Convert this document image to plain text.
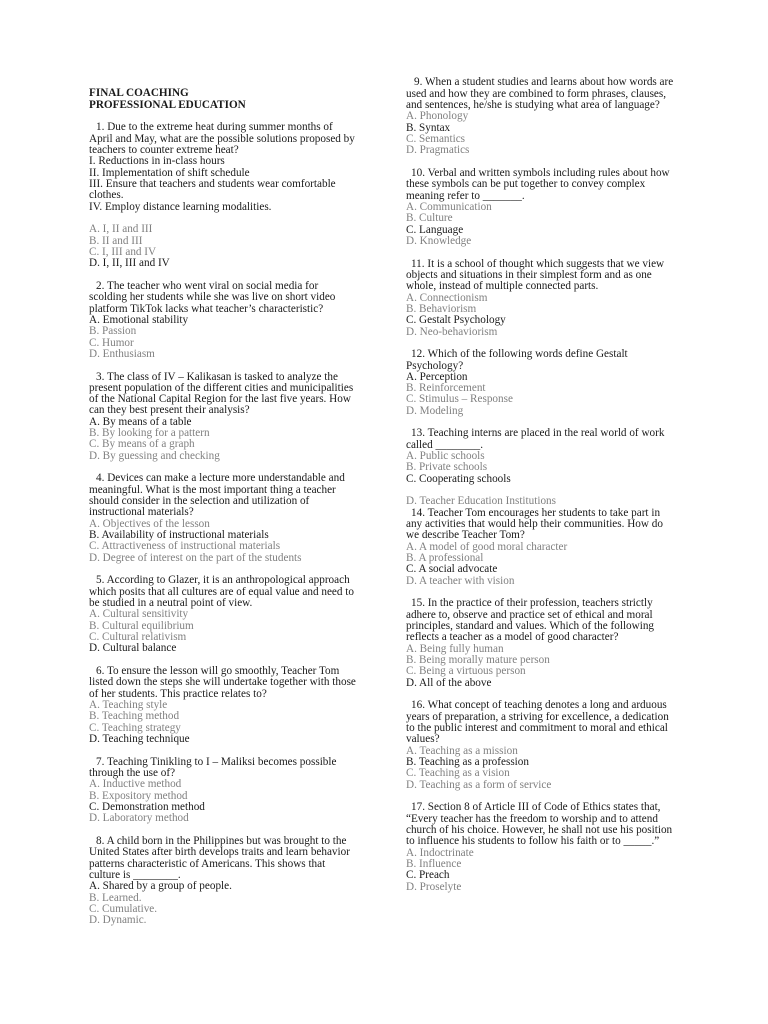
FINAL COACHING
PROFESSIONAL EDUCATION
1. Due to the extreme heat during summer months of
April and May, what are the possible solutions proposed by
teachers to counter extreme heat?
I. Reductions in in-class hours
II. Implementation of shift schedule
III. Ensure that teachers and students wear comfortable
clothes.
IV. Employ distance learning modalities.
A. I, II and III
B. II and III
C. I, III and IV
D. I, II, III and IV
2. The teacher who went viral on social media for
scolding her students while she was live on short video
platform TikTok lacks what teacher’s characteristic?
A. Emotional stability
B. Passion
C. Humor
D. Enthusiasm
3. The class of IV – Kalikasan is tasked to analyze the
present population of the different cities and municipalities
of the National Capital Region for the last five years. How
can they best present their analysis?
A. By means of a table
B. By looking for a pattern
C. By means of a graph
D. By guessing and checking
4. Devices can make a lecture more understandable and
meaningful. What is the most important thing a teacher
should consider in the selection and utilization of
instructional materials?
A. Objectives of the lesson
B. Availability of instructional materials
C. Attractiveness of instructional materials
D. Degree of interest on the part of the students
5. According to Glazer, it is an anthropological approach
which posits that all cultures are of equal value and need to
be studied in a neutral point of view.
A. Cultural sensitivity
B. Cultural equilibrium
C. Cultural relativism
D. Cultural balance
6. To ensure the lesson will go smoothly, Teacher Tom
listed down the steps she will undertake together with those
of her students. This practice relates to?
A. Teaching style
B. Teaching method
C. Teaching strategy
D. Teaching technique
7. Teaching Tinikling to I – Maliksi becomes possible
through the use of?
A. Inductive method
B. Expository method
C. Demonstration method
D. Laboratory method
8. A child born in the Philippines but was brought to the
United States after birth develops traits and learn behavior
patterns characteristic of Americans. This shows that
culture is ________.
A. Shared by a group of people.
B. Learned.
C. Cumulative.
D. Dynamic.
9. When a student studies and learns about how words are
used and how they are combined to form phrases, clauses,
and sentences, he/she is studying what area of language?
A. Phonology
B. Syntax
C. Semantics
D. Pragmatics
10. Verbal and written symbols including rules about how
these symbols can be put together to convey complex
meaning refer to _______.
A. Communication
B. Culture
C. Language
D. Knowledge
11. It is a school of thought which suggests that we view
objects and situations in their simplest form and as one
whole, instead of multiple connected parts.
A. Connectionism
B. Behaviorism
C. Gestalt Psychology
D. Neo-behaviorism
12. Which of the following words define Gestalt
Psychology?
A. Perception
B. Reinforcement
C. Stimulus – Response
D. Modeling
13. Teaching interns are placed in the real world of work
called ________.
A. Public schools
B. Private schools
C. Cooperating schools
D. Teacher Education Institutions
14. Teacher Tom encourages her students to take part in
any activities that would help their communities. How do
we describe Teacher Tom?
A. A model of good moral character
B. A professional
C. A social advocate
D. A teacher with vision
15. In the practice of their profession, teachers strictly
adhere to, observe and practice set of ethical and moral
principles, standard and values. Which of the following
reflects a teacher as a model of good character?
A. Being fully human
B. Being morally mature person
C. Being a virtuous person
D. All of the above
16. What concept of teaching denotes a long and arduous
years of preparation, a striving for excellence, a dedication
to the public interest and commitment to moral and ethical
values?
A. Teaching as a mission
B. Teaching as a profession
C. Teaching as a vision
D. Teaching as a form of service
17. Section 8 of Article III of Code of Ethics states that,
“Every teacher has the freedom to worship and to attend
church of his choice. However, he shall not use his position
to influence his students to follow his faith or to _____.”
A. Indoctrinate
B. Influence
C. Preach
D. Proselyte
